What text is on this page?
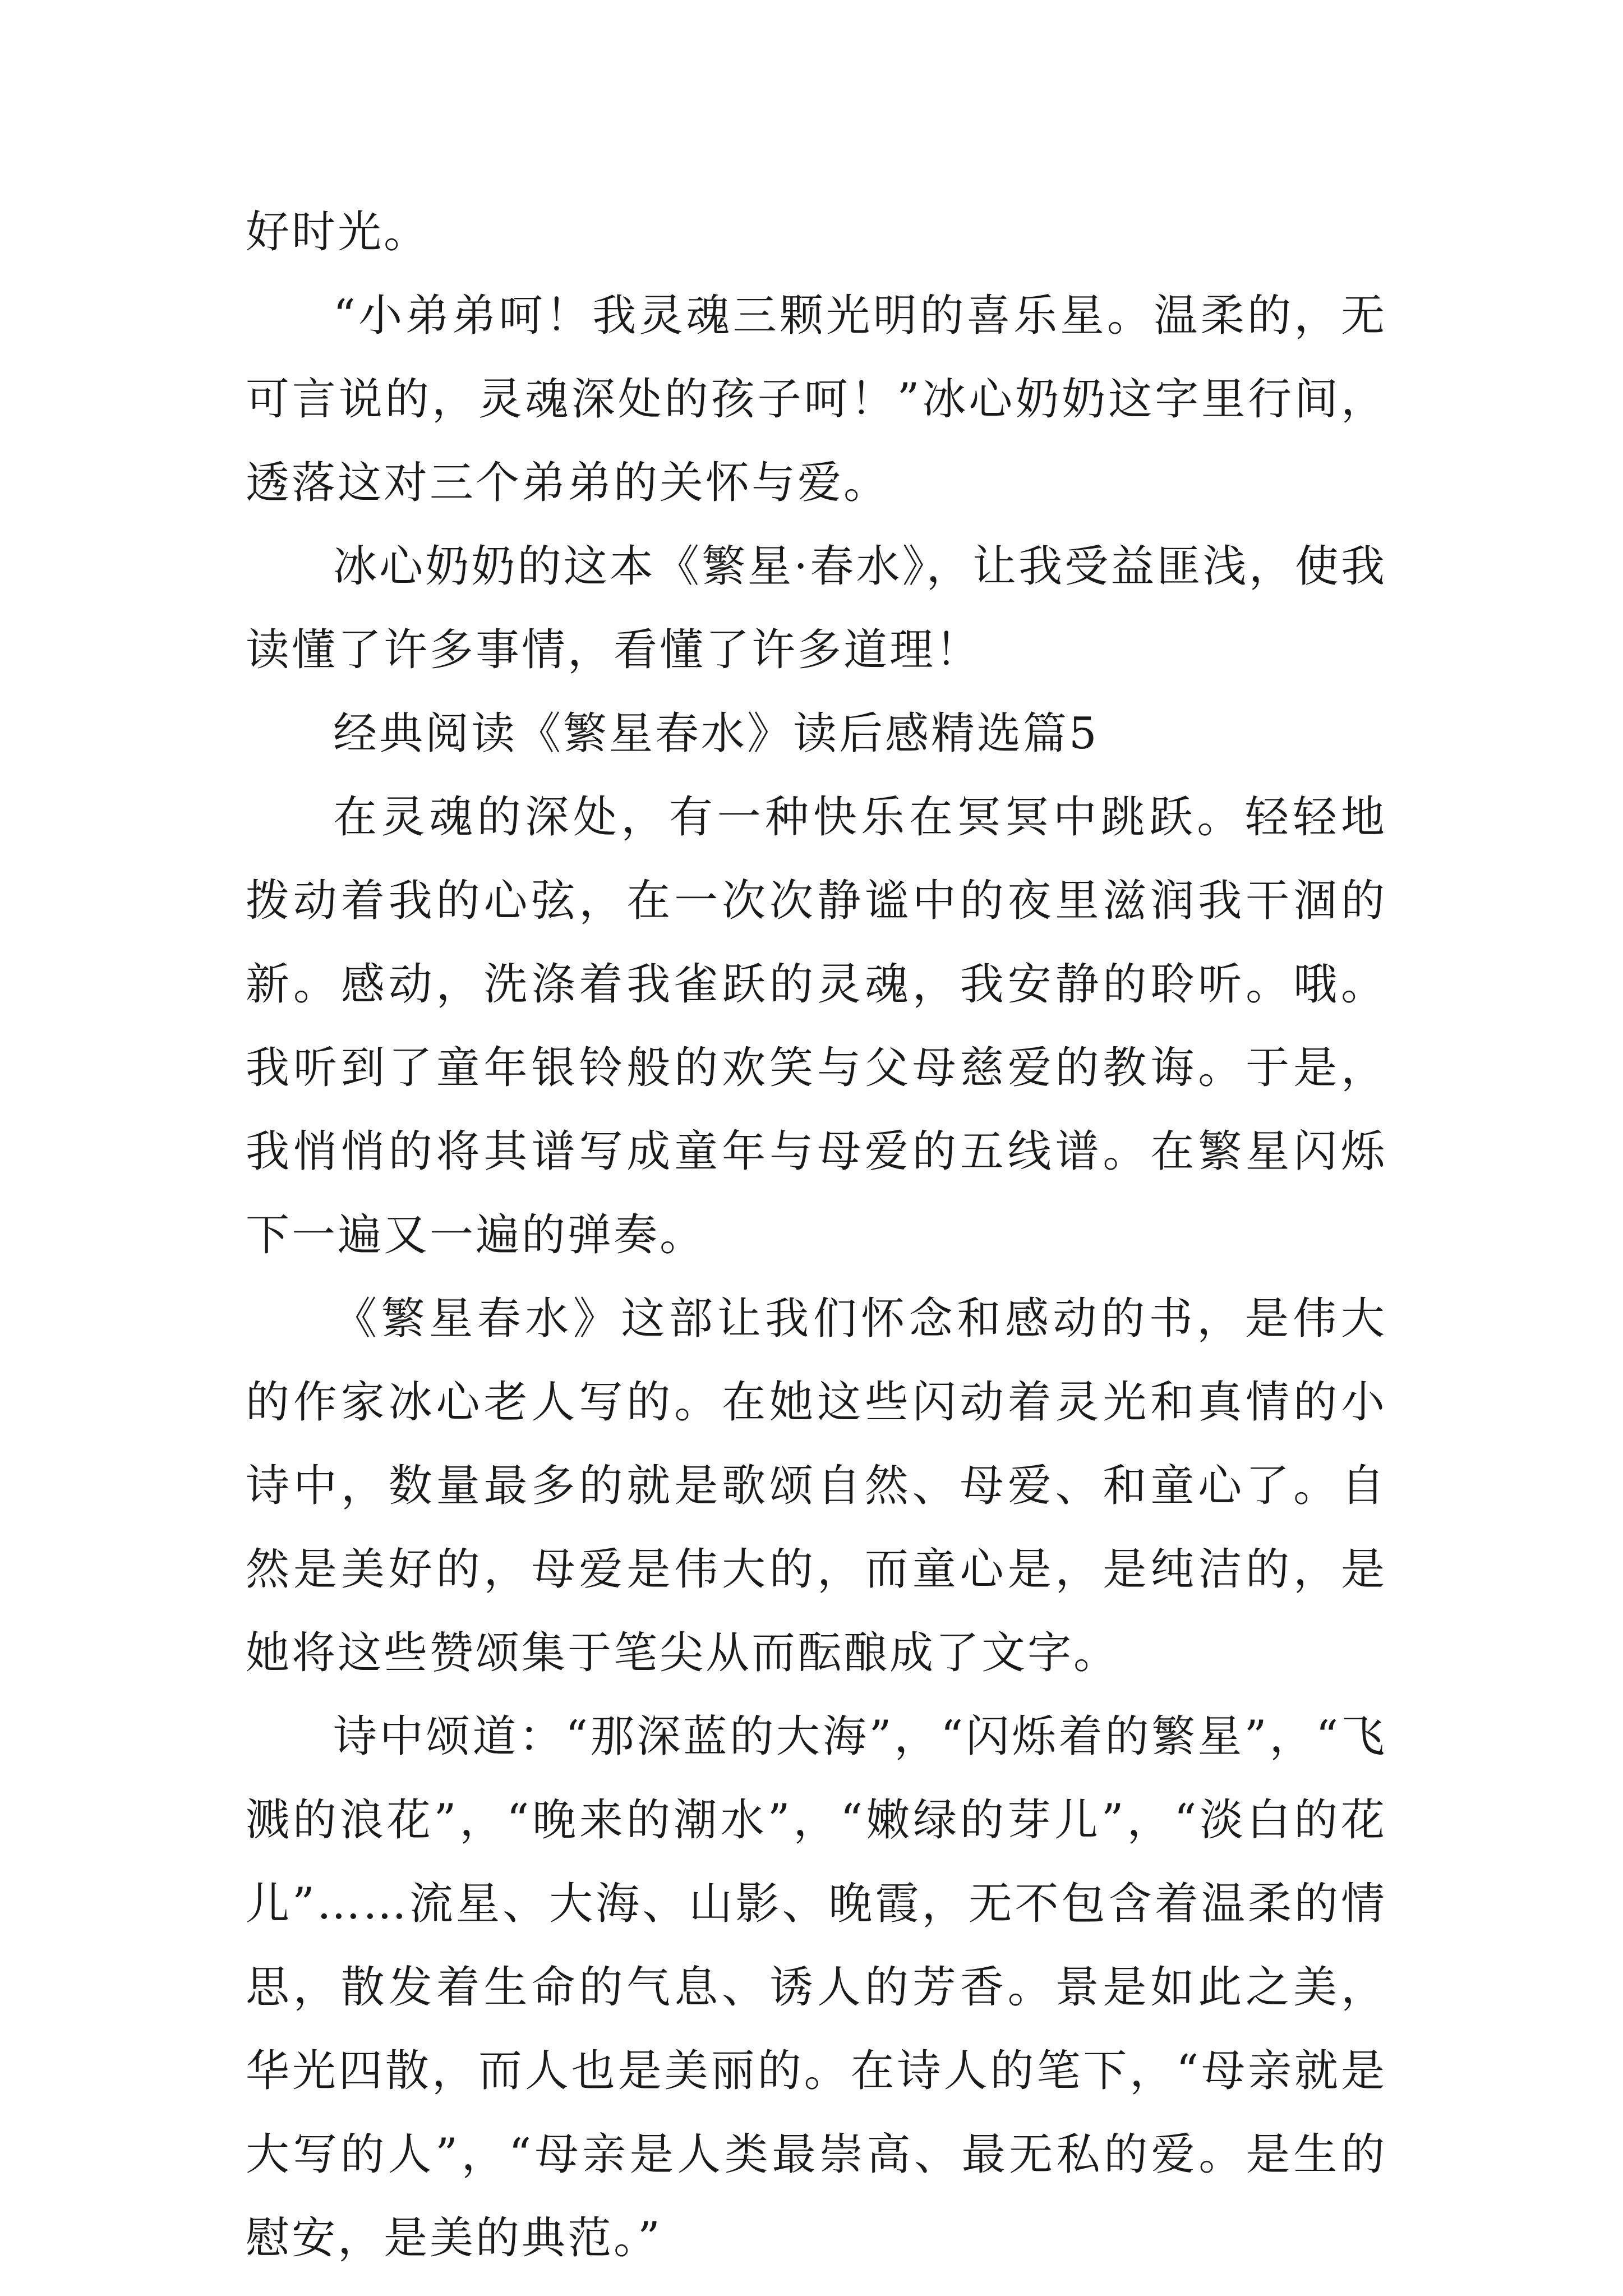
好时光。

“小弟弟呵！我灵魂三颗光明的喜乐星。温柔的，无可言说的，灵魂深处的孩子呵！”冰心奶奶这字里行间，透落这对三个弟弟的关怀与爱。

冰心奶奶的这本《繁星·春水》，让我受益匪浅，使我读懂了许多事情，看懂了许多道理！

经典阅读《繁星春水》读后感精选篇5

在灵魂的深处，有一种快乐在冥冥中跳跃。轻轻地拨动着我的心弦，在一次次静谧中的夜里滋润我干涸的新。感动，洗涤着我雀跃的灵魂，我安静的聆听。哦。我听到了童年银铃般的欢笑与父母慈爱的教诲。于是，我悄悄的将其谱写成童年与母爱的五线谱。在繁星闪烁下一遍又一遍的弹奏。

《繁星春水》这部让我们怀念和感动的书，是伟大的作家冰心老人写的。在她这些闪动着灵光和真情的小诗中，数量最多的就是歌颂自然、母爱、和童心了。自然是美好的，母爱是伟大的，而童心是，是纯洁的，是她将这些赞颂集于笔尖从而酝酿成了文字。

诗中颂道：“那深蓝的大海”，“闪烁着的繁星”，“飞溅的浪花”，“晚来的潮水”，“嫩绿的芽儿”，“淡白的花儿”……流星、大海、山影、晚霞，无不包含着温柔的情思，散发着生命的气息、诱人的芳香。景是如此之美，华光四散，而人也是美丽的。在诗人的笔下，“母亲就是大写的人”，“母亲是人类最崇高、最无私的爱。是生的慰安，是美的典范。”
